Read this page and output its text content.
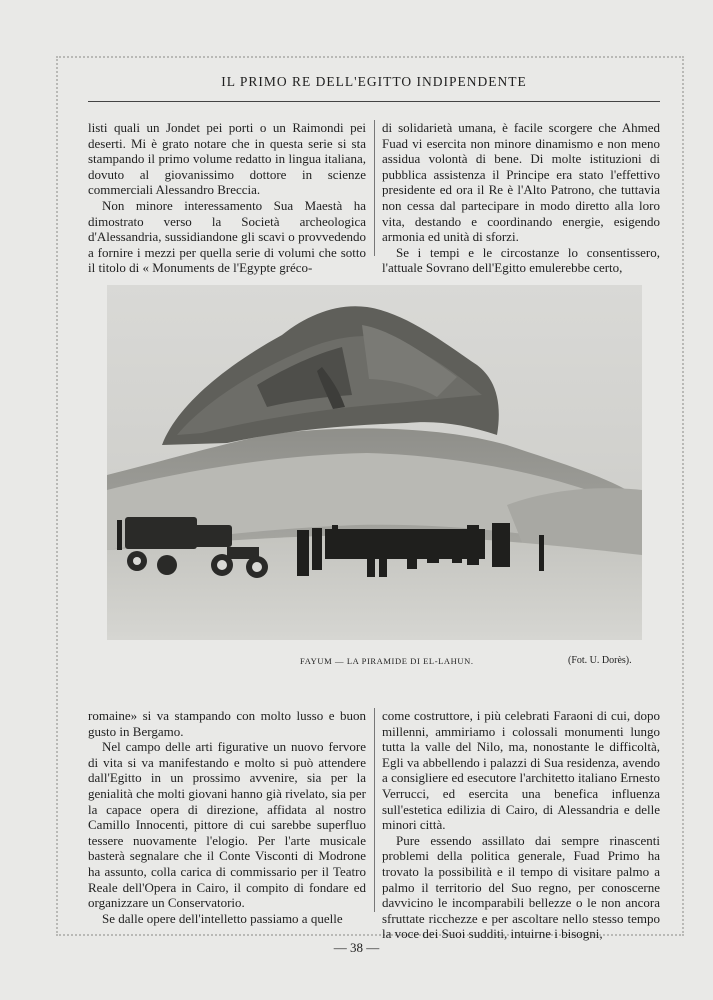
IL PRIMO RE DELL'EGITTO INDIPENDENTE

listi quali un Jondet pei porti o un Raimondi pei deserti. Mi è grato notare che in questa serie si sta stampando il primo volume redatto in lingua italiana, dovuto al giovanissimo dottore in scienze commerciali Alessandro Breccia.

Non minore interessamento Sua Maestà ha dimostrato verso la Società archeologica d'Alessandria, sussidiandone gli scavi o provvedendo a fornire i mezzi per quella serie di volumi che sotto il titolo di « Monuments de l'Egypte gréco-

di solidarietà umana, è facile scorgere che Ahmed Fuad vi esercita non minore dinamismo e non meno assidua volontà di bene. Di molte istituzioni di pubblica assistenza il Principe era stato l'effettivo presidente ed ora il Re è l'Alto Patrono, che tuttavia non cessa dal partecipare in modo diretto alla loro vita, destando e coordinando energie, esigendo armonia ed unità di sforzi.

Se i tempi e le circostanze lo consentissero, l'attuale Sovrano dell'Egitto emulerebbe certo,

FAYUM — LA PIRAMIDE DI EL-LAHUN.	(Fot. U. Dorès).

romaine» si va stampando con molto lusso e buon gusto in Bergamo.

Nel campo delle arti figurative un nuovo fervore di vita si va manifestando e molto si può attendere dall'Egitto in un prossimo avvenire, sia per la genialità che molti giovani hanno già rivelato, sia per la capace opera di direzione, affidata al nostro Camillo Innocenti, pittore di cui sarebbe superfluo tessere nuovamente l'elogio. Per l'arte musicale basterà segnalare che il Conte Visconti di Modrone ha assunto, colla carica di commissario per il Teatro Reale dell'Opera in Cairo, il compito di fondare ed organizzare un Conservatorio.

Se dalle opere dell'intelletto passiamo a quelle

come costruttore, i più celebrati Faraoni di cui, dopo millenni, ammiriamo i colossali monumenti lungo tutta la valle del Nilo, ma, nonostante le difficoltà, Egli va abbellendo i palazzi di Sua residenza, avendo a consigliere ed esecutore l'architetto italiano Ernesto Verrucci, ed esercita una benefica influenza sull'estetica edilizia di Cairo, di Alessandria e delle minori città.

Pure essendo assillato dai sempre rinascenti problemi della politica generale, Fuad Primo ha trovato la possibilità e il tempo di visitare palmo a palmo il territorio del Suo regno, per conoscerne davvicino le incomparabili bellezze o le non ancora sfruttate ricchezze e per ascoltare nello stesso tempo la voce dei Suoi sudditi, intuirne i bisogni,

— 38 —
